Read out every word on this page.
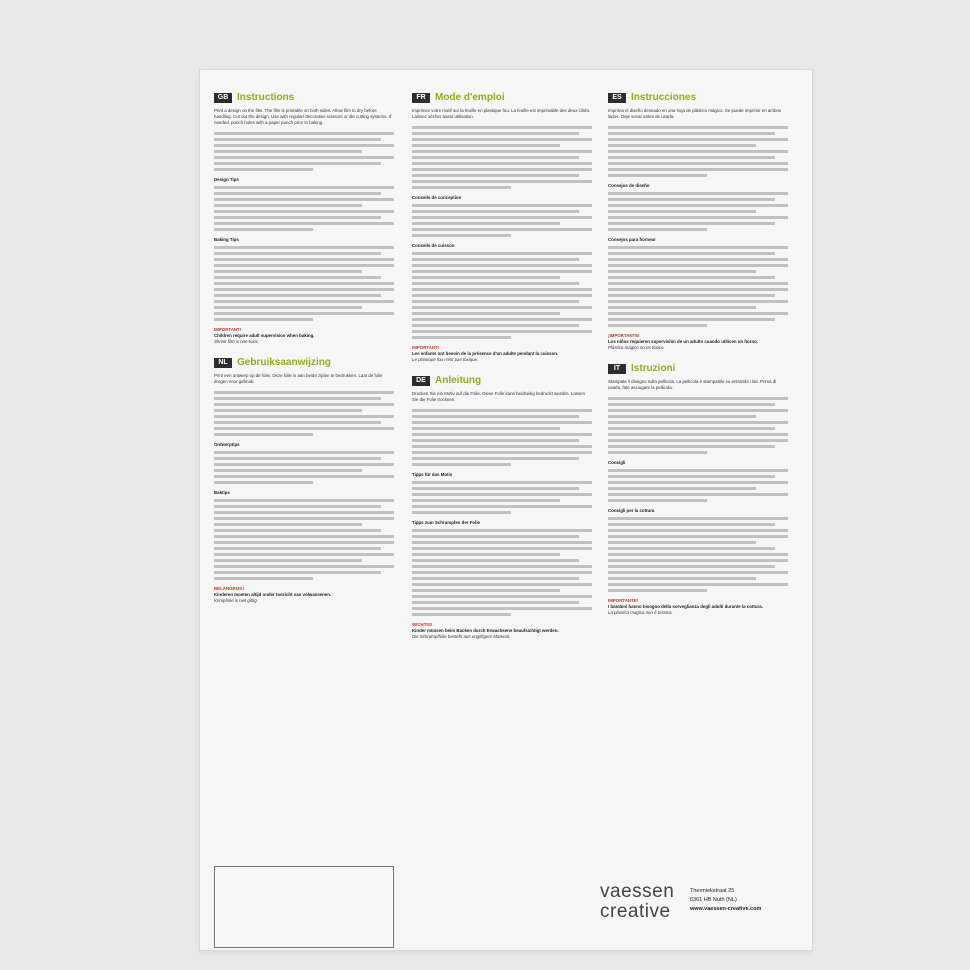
GB Instructions

Print a design on the film. The film is printable on both sides. Allow film to dry before handling. Cut out the design. Use with regular/ decorative scissors or die cutting systems. If needed, punch holes with a paper punch prior to baking.

Design Tips
Baking Tips
IMPORTANT!
Children require adult supervision when baking.
Shrink film is non-toxic.
NL Gebruiksaanwijzing

Print een ontwerp op de folie. Deze folie is aan beide zijden te bedrukken. Laat de folie drogen voor gebruik.

Ontwerptips
Baktips
BELANGRIJK!
Kinderen moeten altijd onder toezicht van volwassenen.
Krimpfolie is niet giftig.
FR Mode d'emploi

Imprimez votre motif sur la feuille en plastique fou. La feuille est imprimable des deux côtés. Laissez sécher avant utilisation.

Conseils de conception
Conseils de cuisson
IMPORTANT!
Les enfants ont besoin de la présence d'un adulte pendant la cuisson.
Le plastique fou n'est pas toxique.
DE Anleitung

Drucken Sie ein Motiv auf die Folie. Diese Folie kann beidseitig bedruckt werden. Lassen Sie die Folie trocknen.

Tipps für das Motiv
Tipps zum Schrumpfen der Folie
WICHTIG!
Kinder müssen beim Backen durch Erwachsene beaufsichtigt werden.
Die Schrumpffolie besteht aus ungiftigem Material.
ES Instrucciones

Imprima el diseño deseado en una hoja de plástico mágico. Se puede imprimir en ambos lados. Deje secar antes de usarla.

Consejos de diseño
Consejos para hornear
¡IMPORTANTE!
Los niños requieren supervisión de un adulto cuando utilicen un horno.
Plástico mágico no es tóxico.
IT	Istruzioni

Stampate il disegno sulla pellicola. La pellicola è stampabile su entrambi i lati. Prima di usarla, fate asciugare la pellicola.

Consigli
Consigli per la cottura
IMPORTANTE!
I bambini hanno bisogno della sorveglianza degli adulti durante la cottura.
La plastica magica non è tossica.
vaessen
creative
Thermiekstraat 25
6361 HB Nuth (NL)
www.vaessen-creative.com
